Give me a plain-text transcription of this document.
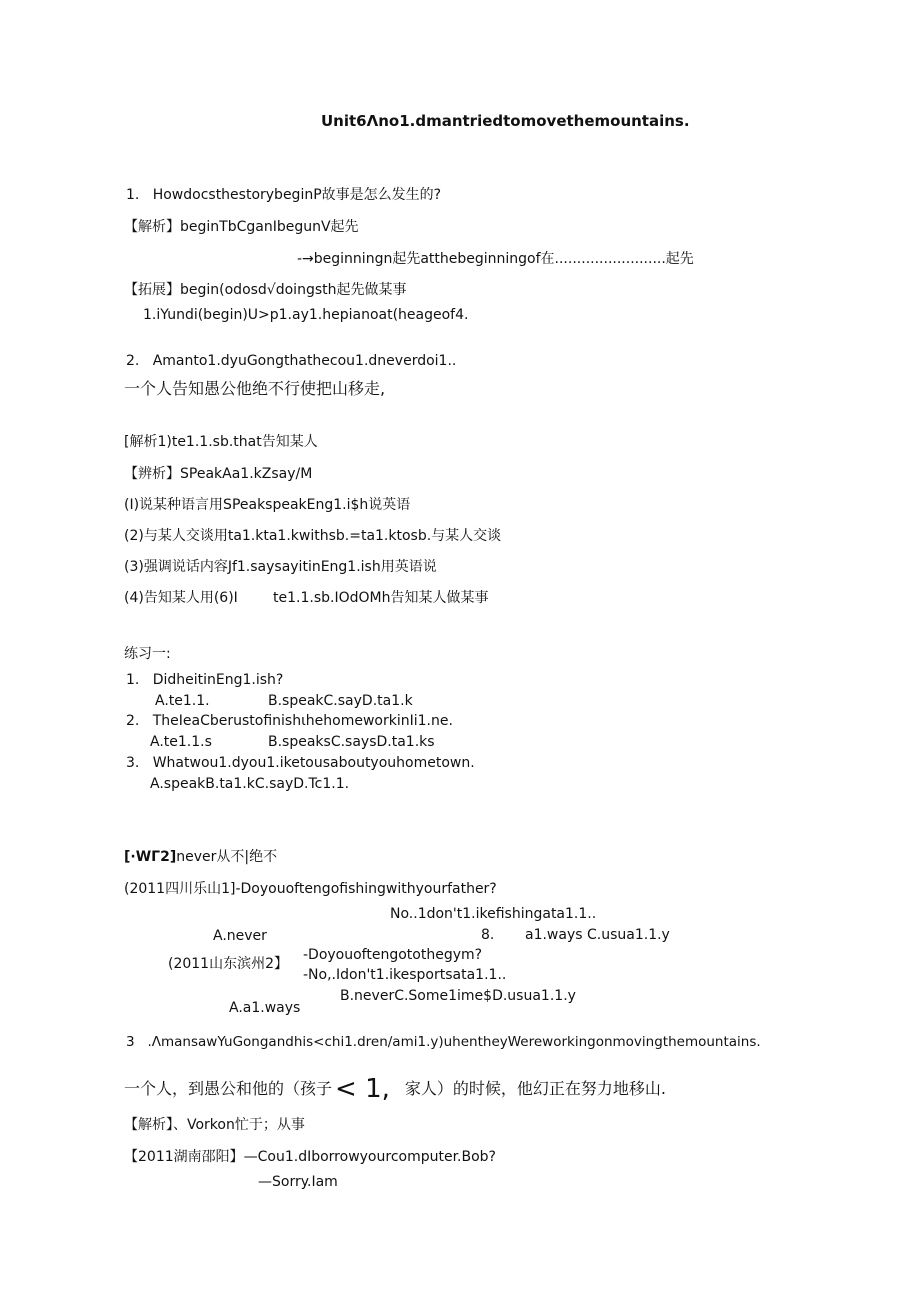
Unit6Λno1.dmantriedtomovethemountains.
1.   HowdocsthestorybeginP故事是怎么发生的?
【解析】beginTbCganIbegunV起先
-→beginningn起先atthebeginningof在.........................起先
【拓展】begin(odosd√doingsth起先做某事
1.iYundi(begin)U>p1.ay1.hepianoat(heageof4.
2.   Amanto1.dyuGongthathecou1.dneverdoi1..
一个人告知愚公他绝不行使把山移走,
[解析1)te1.1.sb.that告知某人
【辨析】SPeakAa1.kZsay/M
(I)说某种语言用SPeakspeakEng1.i$h说英语
(2)与某人交谈用ta1.kta1.kwithsb.=ta1.ktosb.与某人交谈
(3)强调说话内容Jf1.saysayitinEng1.ish用英语说
(4)告知某人用(6)I	te1.1.sb.IOdOMh告知某人做某事
练习一:
1.   DidheitinEng1.ish?
A.te1.1.	B.speakC.sayD.ta1.k
2.   TheIeaCberustofinishιhehomeworkinIi1.ne.
A.te1.1.s	B.speaksC.saysD.ta1.ks
3.   Whatwou1.dyou1.iketousaboutyouhometown.
A.speakB.ta1.kC.sayD.Tc1.1.
[·WΓ2]never从不|绝不
(2011四川乐山1]-Doyouoftengofishingwithyourfather?
No..1don't1.ikefishingata1.1..
A.never	8. a1.ways C.usua1.1.y
-Doyouoftengotothegym?
(2011山东滨州2】
-No,.Idon't1.ikesportsata1.1..
B.neverC.Some1ime$D.usua1.1.y
A.a1.ways
3   .ΛmansawYuGongandhis<chi1.dren∕ami1.y)uhentheyWereworkingonmovingthemountains.
一个人，到愚公和他的（孩子 < 1, 家人）的时候，他幻正在努力地移山.
【解析】、Vorkon忙于；从事
【2011湖南邵阳】—Cou1.dIborrowyourcomputer.Bob?
—Sorry.Iam
